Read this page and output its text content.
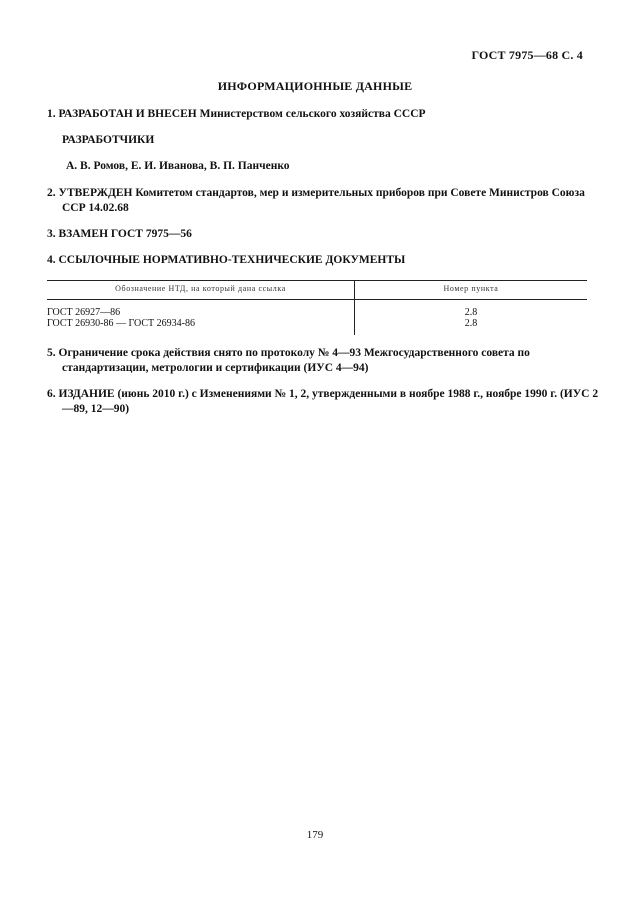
ГОСТ 7975—68 С. 4
ИНФОРМАЦИОННЫЕ ДАННЫЕ
1. РАЗРАБОТАН И ВНЕСЕН Министерством сельского хозяйства СССР
РАЗРАБОТЧИКИ
А. В. Ромов, Е. И. Иванова, В. П. Панченко
2. УТВЕРЖДЕН Комитетом стандартов, мер и измерительных приборов при Совете Министров Союза ССР 14.02.68
3. ВЗАМЕН ГОСТ 7975—56
4. ССЫЛОЧНЫЕ НОРМАТИВНО-ТЕХНИЧЕСКИЕ ДОКУМЕНТЫ
Обозначение НТД, на который дана ссылка	Номер пункта
ГОСТ 26927—86	2.8
ГОСТ 26930-86 — ГОСТ 26934-86	2.8
5. Ограничение срока действия снято по протоколу № 4—93 Межгосударственного совета по стандартизации, метрологии и сертификации (ИУС 4—94)
6. ИЗДАНИЕ (июнь 2010 г.) с Изменениями № 1, 2, утвержденными в ноябре 1988 г., ноябре 1990 г. (ИУС 2—89, 12—90)
179
